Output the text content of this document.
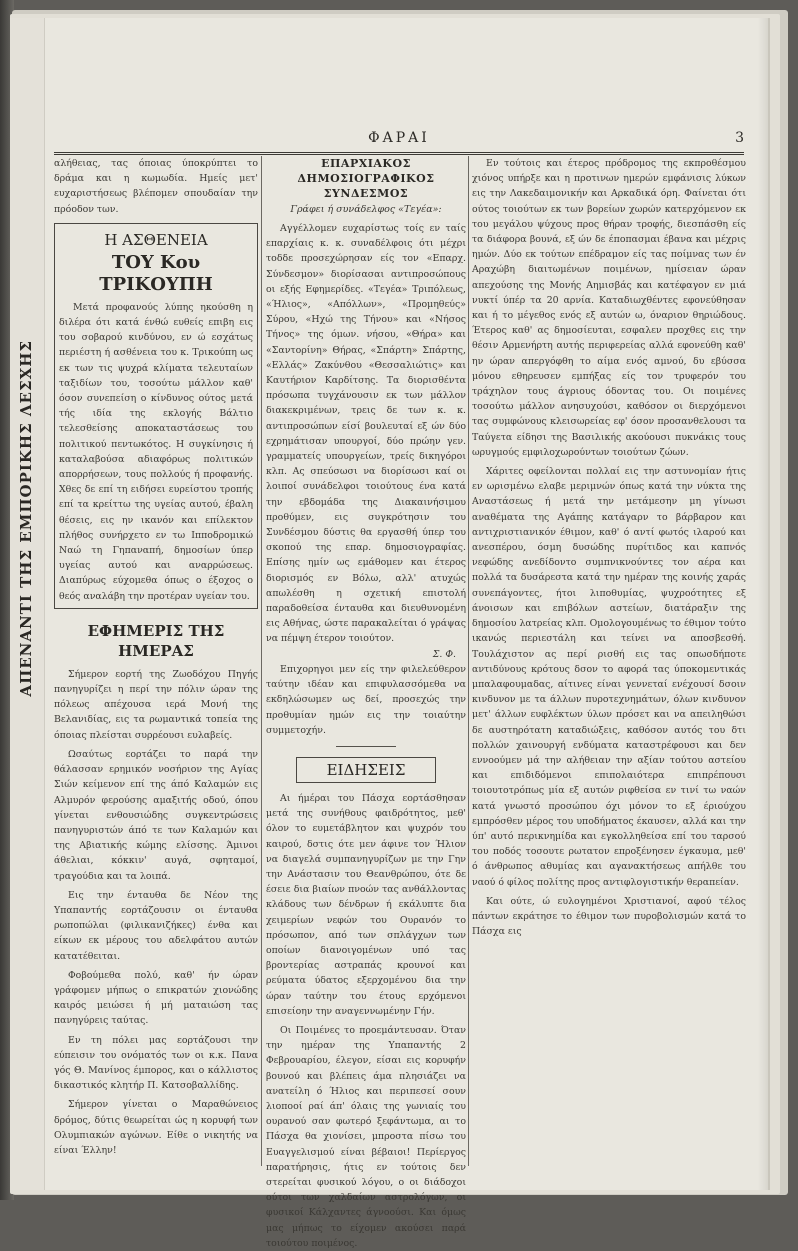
ΑΠΕΝΑΝΤΙ ΤΗΣ ΕΜΠΟΡΙΚΗΣ ΛΕΣΧΗΣ
ΦΑΡΑΙ	3

αλήθειας, τας όποιας ύποκρύπτει το δράμα και η κωμωδία. Ημείς μετ' ευχαριστήσεως βλέπομεν σπουδαίαν την πρόοδον των.

Η ΑΣΘΕΝΕΙΑ
ΤΟΥ Κου ΤΡΙΚΟΥΠΗ

Μετά προφανούς λύπης ηκούσθη η διλέρα ότι κατά ένθώ ευθείς επιβη εις του σοβαρού κινδύνου, εν ώ εσχάτως περιέστη ή ασθένεια του κ. Τρικούπη ως εκ των τις ψυχρά κλίματα τελευταίων ταξιδίων του, τοσούτω μάλλον καθ' όσον συνεπείση ο κίνδυνος ούτος μετά τής ιδία της εκλογής Βάλτιο τελεσθείσης αποκαταστάσεως του πολιτικού πεντωκότος. Η συγκίνησις ή καταλαβούσα αδιαφόρως πολιτικών απορρήσεων, τους πολλούς ή προφανής. Χθες δε επί τη ειδήσει ευρείστου τροπής επί τα κρείττω της υγείας αυτού, έβαλη θέσεις, εις ην ικανόν και επίλεκτον πλήθος συνήρχετο εν τω Ιπποδρομικώ Ναώ τη Γηπαναπή, δημοσίων ύπερ υγείας αυτού και αναρρώσεως. Διαπύρως εύχομεθα όπως ο έξοχος ο θεός αναλάβη την προτέραν υγείαν του.

ΕΦΗΜΕΡΙΣ ΤΗΣ ΗΜΕΡΑΣ

Σήμερον εορτή της Ζωοδόχου Πηγής πανηγυρίζει η περί την πόλιν ώραν της πόλεως απέχουσα ιερά Μονή της Βελανιδίας, εις τα ρωμαντικά τοπεία της όποιας πλείσται συρρέουσι ευλαβείς.

Ωσαύτως εορτάζει το παρά την θάλασσαν ερημικόν νοσήριον της Αγίας Σιών κείμενον επί της άπό Καλαμών εις Αλμυρόν φερούσης αμαξιτής οδού, όπου γίνεται ενθουσιώδης συγκεντρώσεις πανηγυριστών άπό τε των Καλαμών και της Αβιατικής κώμης ελίσσης. Άμινοι άθελιαι, κόκκιν' αυγά, σφηταμοί, τραγούδια και τα λοιπά.

Εις την ένταυθα δε Νέον της Υπαπαντής εορτάζουσιν οι ένταυθα ρωποπώλαι (φιλικανιζήκες) ένθα και είκων εκ μέρους του αδελφάτου αυτών κατατέθειται.

Φοβούμεθα πολύ, καθ' ήν ώραν γράφομεν μήπως ο επικρατών χιονώδης καιρός μειώσει ή μή ματαιώση τας πανηγύρεις ταύτας.

Εν τη πόλει μας εορτάζουσι την εύπεισιν του ονόματός των οι κ.κ. Πανα γός Θ. Μανίνος έμπορος, και ο κάλλιστος δικαστικός κλητήρ Π. Κατσοβαλλίδης.

Σήμερον γίνεται ο Μαραθώνειος δρόμος, δύτις θεωρείται ώς η κορυφή των Ολυμπιακών αγώνων. Είθε ο νικητής να είναι Έλλην!

ΕΠΑΡΧΙΑΚΟΣ ΔΗΜΟΣΙΟΓΡΑΦΙΚΟΣ
ΣΥΝΔΕΣΜΟΣ
Γράφει ή συνάδελφος «Τεγέα»:

Αγγέλλομεν ευχαρίστως τοίς εν ταίς επαρχίαις κ. κ. συναδέλφοις ότι μέχρι τοδδε προσεχώρησαν είς τον «Επαρχ. Σύνδεσμον» διορίσασαι αντιπροσώπους οι εξής Εφημερίδες. «Τεγέα» Τριπόλεως, «Ήλιος», «Απόλλων», «Προμηθεύς» Σύρου, «Ηχώ της Τήνου» και «Νήσος Τήνος» της όμων. νήσου, «Θήρα» και «Σαντορίνη» Θήρας, «Σπάρτη» Σπάρτης, «Ελλάς» Ζακύνθου «Θεσσαλιώτις» και Καυτήριον Καρδίτσης. Τα διορισθέντα πρόσωπα τυγχάνουσιν εκ των μάλλον διακεκριμένων, τρεις δε των κ. κ. αντιπροσώπων είσί βουλευταί εξ ών δύο εχρημάτισαν υπουργοί, δύο πρώην γεν. γραμματείς υπουργείων, τρείς δικηγόροι κλπ. Ας σπεύσωσι να διορίσωσι καί οι λοιποί συνάδελφοι τοιούτους ένα κατά την εβδομάδα της Διακαινήσιμου προθύμεν, εις συγκρότησιν του Συνδέσμου δύστις θα εργασθή ύπερ του σκοπού της επαρ. δημοσιογραφίας. Επίσης ημίν ως εμάθομεν και έτερος διορισμός εν Βόλω, αλλ' ατυχώς απωλέσθη η σχετική επιστολή παραδοθείσα ένταυθα και διευθυνομένη εις Αθήνας, ώστε παρακαλείται ό γράψας να πέμψη έτερον τοιούτον.

Σ. Φ.

Επιχορηγοι μεν είς την φιλελεύθερον ταύτην ιδέαν και επιφυλασσόμεθα να εκδηλώσωμεν ως δεί, προσεχώς την προθυμίαν ημών εις την τοιαύτην συμμετοχήν.

ΕΙΔΗΣΕΙΣ

Αι ήμέραι του Πάσχα εορτάσθησαν μετά της συνήθους φαιδρότητος, μεθ' όλον το ευμετάβλητον και ψυχρόν του καιρού, δστις ότε μεν άφινε τον Ήλιον να διαγελά συμπανηγυρίζων με την Γην την Ανάστασιν του Θεανθρώπου, ότε δε έσειε δια βιαίων πνοών τας ανθάλλοντας κλάδους των δένδρων ή εκάλυπτε δια χειμερίων νεφών του Ουρανόν το πρόσωπον, από των σπλάγχων των οποίων διανοιγομένων υπό τας βροντερίας αστραπάς κρουνοί και ρεύματα ύδατος εξερχομένου δια την ώραν ταύτην του έτους ερχόμενοι επισείοην την αναγεννωμένην Γήν.

Οι Ποιμένες το προεμάντευσαν. Όταν την ημέραν της Υπαπαντής 2 Φεβρουαρίου, έλεγον, είσαι εις κορυφήν βουνού και βλέπεις άμα πλησιάζει να ανατείλη ό Ήλιος και περιπεσεί σουν λιοποοί ραί άπ' όλαις της γωνιαίς του ουρανού σαν φωτερό ξεφάντωμα, αι το Πάσχα θα χιονίσει, μπροστα πίσω του Ευαγγελισμού είναι βέβαιοι! Περίεργος παρατήρησις, ήτις εν τούτοις δεν στερείται φυσικού λόγου, ο οι διάδοχοι ούτοι των χαλδαίων αστρολόγων, οι φυσικοί Κάλχαντες άγνοούσι. Και όμως μας μήπως το είχομεν ακούσει παρά τοιούτου ποιμένος.

Εν τούτοις και έτερος πρόδρομος της εκπροθέσμου χιόνος υπήρξε και η προτινων ημερών εμφάνισις λύκων εις την Λακεδαιμονικήν και Αρκαδικά όρη. Φαίνεται ότι ούτος τοιούτων εκ των βορείων χωρών κατερχόμενον εκ του μεγάλου ψύχους προς θήραν τροφής, διεσπάσθη είς τα διάφορα βουνά, εξ ών δε έποπασμαι έβανα και μέχρις ημών. Δύο εκ τούτων επέδραμον είς τας ποίμνας των έν Αραχώβη διαιτωμένων ποιμένων, ημίσειαν ώραν απεχούσης της Μονής Αημισβάς και κατέφαγον εν μιά νυκτί ύπέρ τα 20 αρνία. Καταδιωχθέντες εφονεύθησαν και ή το μέγεθος ενός εξ αυτών ω, όναριον θηριώδους. Έτερος καθ' ας δημοσίευται, εσφαλεν προχθες εις την θέσιν Αρμενήρτη αυτής περιφερείας αλλά εφονεύθη καθ' ην ώραν απεργόφθη το αίμα ενός αμνού, δυ εβύσσα μόνου εθηρευσεν εμπήξας είς τον τρυφερόν του τράχηλον τους άγριους όδοντας του. Οι ποιμένες τοσούτω μάλλον ανησυχούσι, καθόσον οι διερχόμενοι τας συμφώνους κλεισωρείας εφ' όσον προσανθελουσι τα Ταύγετα είδησι της Βασιλικής ακούουσι πυκνάκις τους ωρυγμούς εμφιλοχωρούντων τοιούτων ζώων.

Χάριτες οφείλονται πολλαί εις την αστυνομίαν ήτις εν ωρισμένω ελαβε μεριμνών όπως κατά την νύκτα της Αναστάσεως ή μετά την μετάμεσην μη γίνωσι αναθέματα της Αγάπης κατάγαρν το βάρβαρον και αντιχριστιανικόν έθιμον, καθ' ό αντί φωτός ιλαρού και ανεσπέρου, όσμη δυσώδης πυρίτιδος και καπνός νεφώδης ανεδίδοντο συμπνικνούντες τον αέρα και πολλά τα δυσάρεστα κατά την ημέραν της κοινής χαράς συνεπάγοντες, ήτοι λιποθυμίας, ψυχροότητες εξ άνοισων και επιβόλων αστείων, διατάραξιν της δημοσίου λατρείας κλπ. Ομολογουμένως το έθιμον τούτο ικανώς περιεστάλη και τείνει να αποσβεσθή. Τουλάχιστον ας περί ρισθή εις τας οπωσδήποτε αντιδύνους κρότους δσον το αφορά τας ύποκομεντικάς μπαλαφουμαδας, αίτινες είναι γεννεταί ενέχουσί δσοιν κινδυνον με τα άλλων πυροτεχνημάτων, όλων κινδυνον μετ' άλλων ευφλέκτων ύλων πρόσετ και να απειληθώσι δε αυστηρότατη καταδιώξεις, καθόσον αυτός του δτι πολλών χαινουργή ενδύματα καταστρέφουσι και δεν εννοούμεν μά την αλήθειαν την αξίαν τούτου αστείου και επιδιδόμενοι επιπολαιότερα επιπρέπουσι τοιουτοτρόπως μία εξ αυτών ριφθείσα εν τινί τω ναών κατά γνωστό προσώπου όχι μόνον το εξ έριούχου εμπρόσθεν μέρος του υποδήματος έκαυσεν, αλλά και την ύπ' αυτό περικνημίδα και εγκολληθείσα επί του ταρσού του ποδός τοσουτε ρωτατον επροξένησεν έγκαυμα, μεθ' ό άνθρωπος αθυμίας και αγανακτήσεως απήλθε του ναού ό φίλος πολίτης προς αντιφλογιστικήν θεραπείαν.

Και ούτε, ώ ευλογημένοι Χριστιανοί, αφού τέλος πάντων εκράτησε το έθιμον των πυροβολισμών κατά το Πάσχα εις
